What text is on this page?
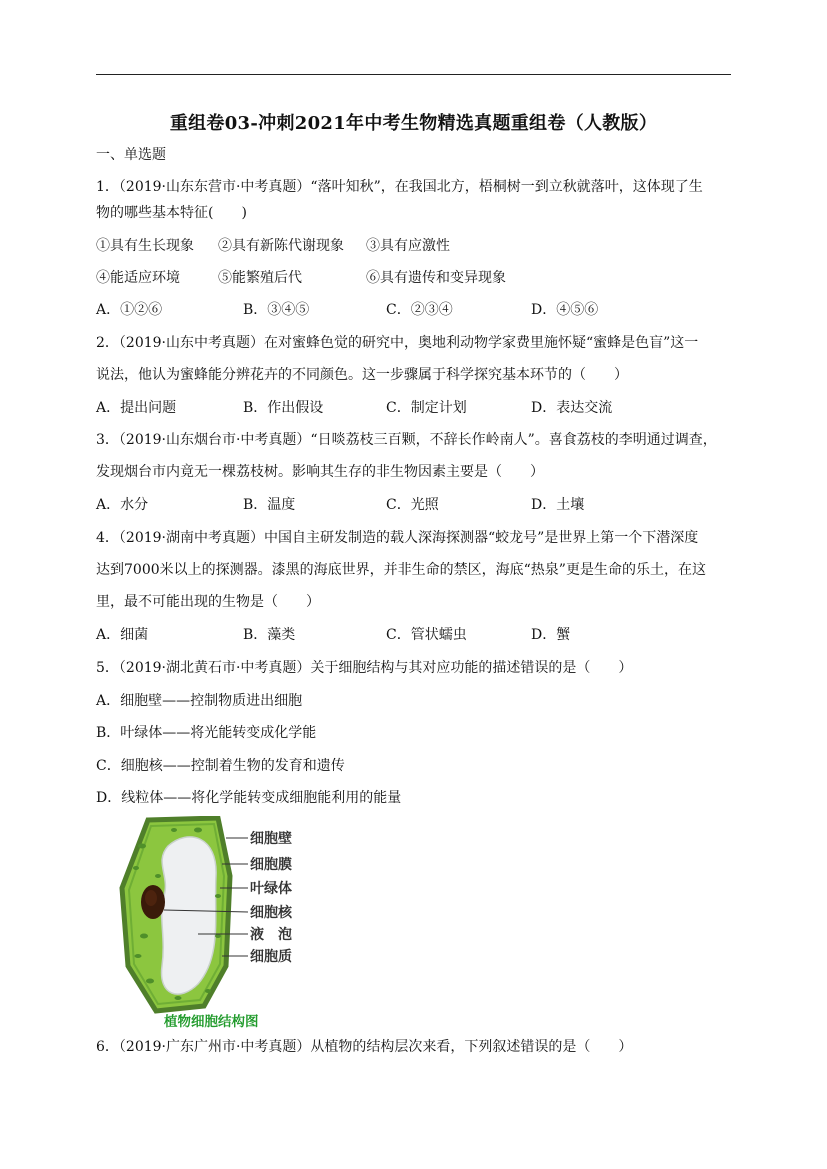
重组卷03-冲刺2021年中考生物精选真题重组卷（人教版）
一、单选题
1．（2019·山东东营市·中考真题）“落叶知秋”，在我国北方，梧桐树一到立秋就落叶，这体现了生
物的哪些基本特征(　　)
①具有生长现象 ②具有新陈代谢现象 ③具有应激性
④能适应环境	⑤能繁殖后代	⑥具有遗传和变异现象
A．①②⑥	B．③④⑤	C．②③④	D．④⑤⑥
2．（2019·山东中考真题）在对蜜蜂色觉的研究中，奥地利动物学家费里施怀疑“蜜蜂是色盲”这一
说法，他认为蜜蜂能分辨花卉的不同颜色。这一步骤属于科学探究基本环节的（　　）
A．提出问题	B．作出假设	C．制定计划	D．表达交流
3．（2019·山东烟台市·中考真题）“日啖荔枝三百颗，不辞长作岭南人”。喜食荔枝的李明通过调查，
发现烟台市内竟无一棵荔枝树。影响其生存的非生物因素主要是（　　）
A．水分	B．温度	C．光照	D．土壤
4．（2019·湖南中考真题）中国自主研发制造的载人深海探测器“蛟龙号”是世界上第一个下潜深度
达到7000米以上的探测器。漆黑的海底世界，并非生命的禁区，海底“热泉”更是生命的乐土，在这
里，最不可能出现的生物是（　　）
A．细菌	B．藻类	C．管状蠕虫	D．蟹
5．（2019·湖北黄石市·中考真题）关于细胞结构与其对应功能的描述错误的是（　　）
A．细胞壁——控制物质进出细胞
B．叶绿体——将光能转变成化学能
C．细胞核——控制着生物的发育和遗传
D．线粒体——将化学能转变成细胞能利用的能量
细胞壁
细胞膜
叶绿体
细胞核
液　泡
细胞质
植物细胞结构图
6．（2019·广东广州市·中考真题）从植物的结构层次来看，下列叙述错误的是（　　）
